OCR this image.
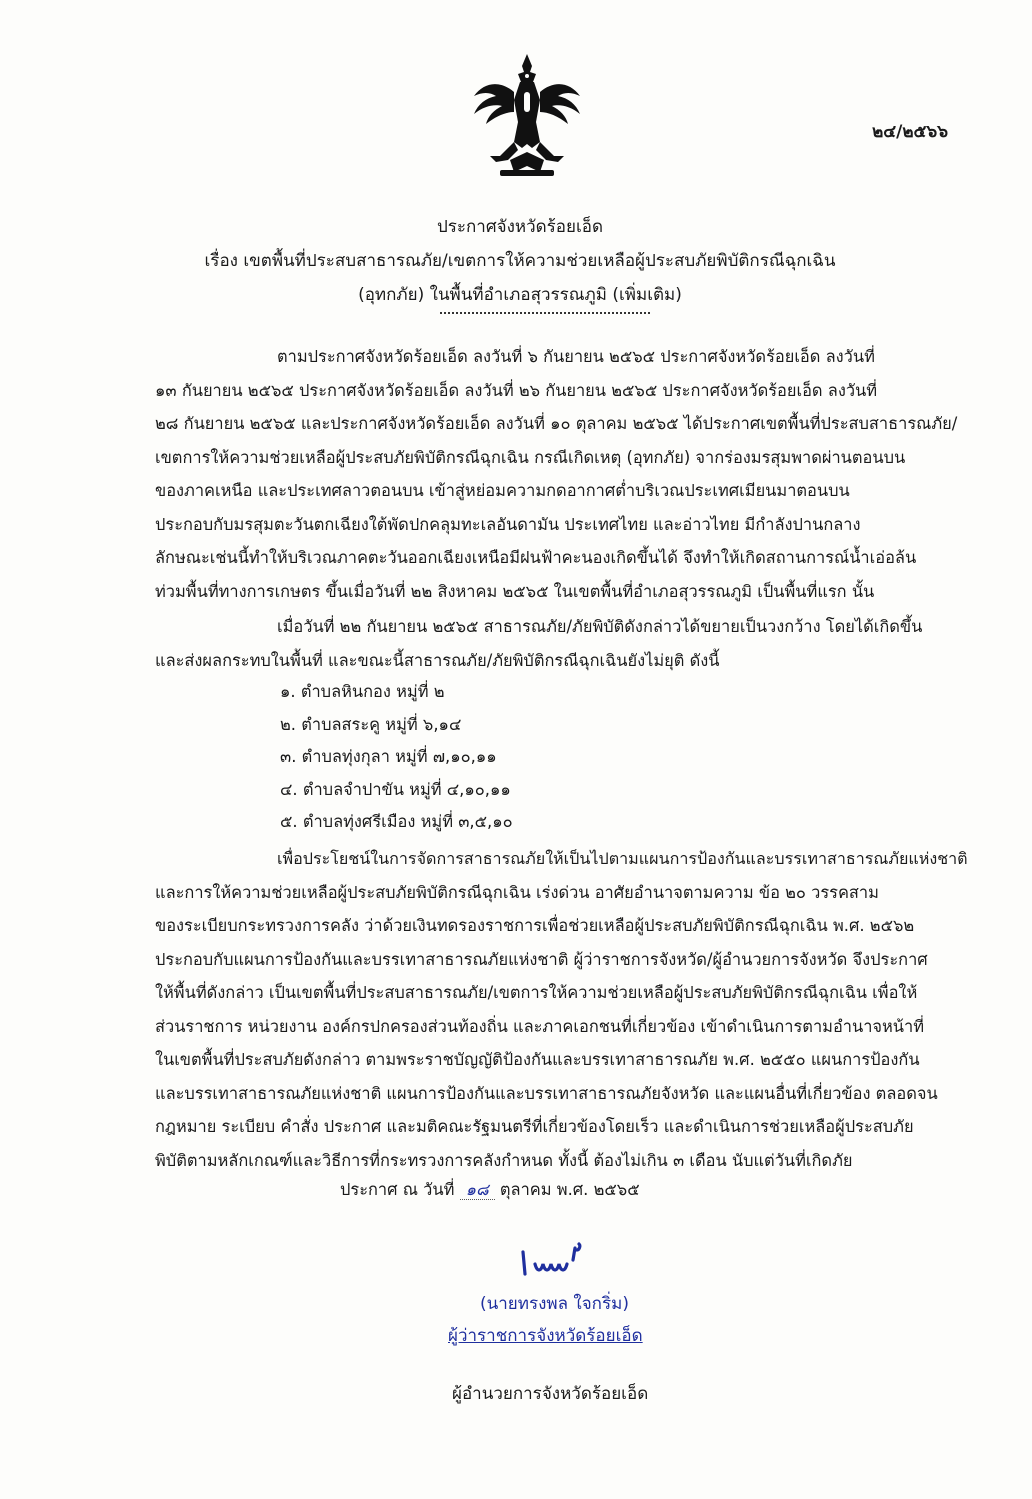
๒๔/๒๕๖๖
ประกาศจังหวัดร้อยเอ็ด
เรื่อง เขตพื้นที่ประสบสาธารณภัย/เขตการให้ความช่วยเหลือผู้ประสบภัยพิบัติกรณีฉุกเฉิน
(อุทกภัย) ในพื้นที่อำเภอสุวรรณภูมิ (เพิ่มเติม)
ตามประกาศจังหวัดร้อยเอ็ด ลงวันที่ ๖ กันยายน ๒๕๖๕ ประกาศจังหวัดร้อยเอ็ด ลงวันที่
๑๓ กันยายน ๒๕๖๕ ประกาศจังหวัดร้อยเอ็ด ลงวันที่ ๒๖ กันยายน ๒๕๖๕ ประกาศจังหวัดร้อยเอ็ด ลงวันที่
๒๘ กันยายน ๒๕๖๕ และประกาศจังหวัดร้อยเอ็ด ลงวันที่ ๑๐ ตุลาคม ๒๕๖๕ ได้ประกาศเขตพื้นที่ประสบสาธารณภัย/
เขตการให้ความช่วยเหลือผู้ประสบภัยพิบัติกรณีฉุกเฉิน กรณีเกิดเหตุ (อุทกภัย) จากร่องมรสุมพาดผ่านตอนบน
ของภาคเหนือ และประเทศลาวตอนบน เข้าสู่หย่อมความกดอากาศต่ำบริเวณประเทศเมียนมาตอนบน
ประกอบกับมรสุมตะวันตกเฉียงใต้พัดปกคลุมทะเลอันดามัน ประเทศไทย และอ่าวไทย มีกำลังปานกลาง
ลักษณะเช่นนี้ทำให้บริเวณภาคตะวันออกเฉียงเหนือมีฝนฟ้าคะนองเกิดขึ้นได้ จึงทำให้เกิดสถานการณ์น้ำเอ่อล้น
ท่วมพื้นที่ทางการเกษตร ขึ้นเมื่อวันที่ ๒๒ สิงหาคม ๒๕๖๕ ในเขตพื้นที่อำเภอสุวรรณภูมิ เป็นพื้นที่แรก นั้น
เมื่อวันที่ ๒๒ กันยายน ๒๕๖๕ สาธารณภัย/ภัยพิบัติดังกล่าวได้ขยายเป็นวงกว้าง โดยได้เกิดขึ้น
และส่งผลกระทบในพื้นที่ และขณะนี้สาธารณภัย/ภัยพิบัติกรณีฉุกเฉินยังไม่ยุติ ดังนี้
๑. ตำบลหินกอง หมู่ที่ ๒
๒. ตำบลสระคู หมู่ที่ ๖,๑๔
๓. ตำบลทุ่งกุลา หมู่ที่ ๗,๑๐,๑๑
๔. ตำบลจำปาขัน หมู่ที่ ๔,๑๐,๑๑
๕. ตำบลทุ่งศรีเมือง หมู่ที่ ๓,๕,๑๐
เพื่อประโยชน์ในการจัดการสาธารณภัยให้เป็นไปตามแผนการป้องกันและบรรเทาสาธารณภัยแห่งชาติ
และการให้ความช่วยเหลือผู้ประสบภัยพิบัติกรณีฉุกเฉิน เร่งด่วน อาศัยอำนาจตามความ ข้อ ๒๐ วรรคสาม
ของระเบียบกระทรวงการคลัง ว่าด้วยเงินทดรองราชการเพื่อช่วยเหลือผู้ประสบภัยพิบัติกรณีฉุกเฉิน พ.ศ. ๒๕๖๒
ประกอบกับแผนการป้องกันและบรรเทาสาธารณภัยแห่งชาติ ผู้ว่าราชการจังหวัด/ผู้อำนวยการจังหวัด จึงประกาศ
ให้พื้นที่ดังกล่าว เป็นเขตพื้นที่ประสบสาธารณภัย/เขตการให้ความช่วยเหลือผู้ประสบภัยพิบัติกรณีฉุกเฉิน เพื่อให้
ส่วนราชการ หน่วยงาน องค์กรปกครองส่วนท้องถิ่น และภาคเอกชนที่เกี่ยวข้อง เข้าดำเนินการตามอำนาจหน้าที่
ในเขตพื้นที่ประสบภัยดังกล่าว ตามพระราชบัญญัติป้องกันและบรรเทาสาธารณภัย พ.ศ. ๒๕๕๐ แผนการป้องกัน
และบรรเทาสาธารณภัยแห่งชาติ แผนการป้องกันและบรรเทาสาธารณภัยจังหวัด และแผนอื่นที่เกี่ยวข้อง ตลอดจน
กฎหมาย ระเบียบ คำสั่ง ประกาศ และมติคณะรัฐมนตรีที่เกี่ยวข้องโดยเร็ว และดำเนินการช่วยเหลือผู้ประสบภัย
พิบัติตามหลักเกณฑ์และวิธีการที่กระทรวงการคลังกำหนด ทั้งนี้ ต้องไม่เกิน ๓ เดือน นับแต่วันที่เกิดภัย
ประกาศ ณ วันที่ ๑๘ ตุลาคม พ.ศ. ๒๕๖๕
(นายทรงพล ใจกริ่ม)
ผู้ว่าราชการจังหวัดร้อยเอ็ด
ผู้อำนวยการจังหวัดร้อยเอ็ด
